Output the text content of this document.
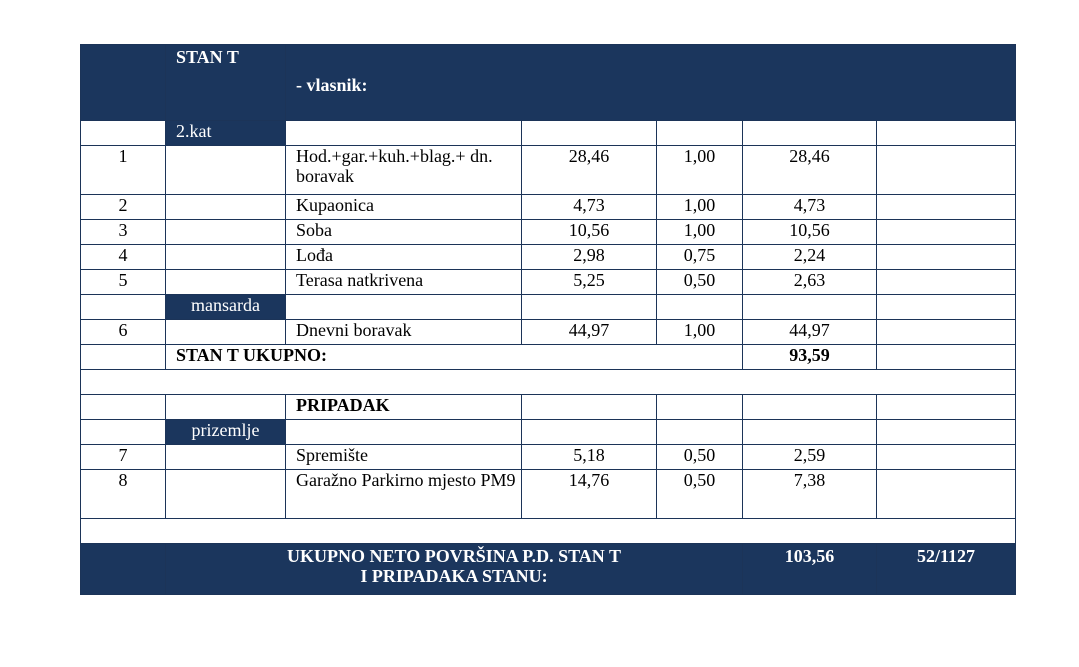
	STAN T	- vlasnik:				
	2.kat					
1		Hod.+gar.+kuh.+blag.+ dn. boravak	28,46	1,00	28,46	
2		Kupaonica	4,73	1,00	4,73	
3		Soba	10,56	1,00	10,56	
4		Lođa	2,98	0,75	2,24	
5		Terasa natkrivena	5,25	0,50	2,63	
	mansarda					
6		Dnevni boravak	44,97	1,00	44,97	
	STAN T UKUPNO:				93,59	

		PRIPADAK				
	prizemlje					
7		Spremište	5,18	0,50	2,59	
8		Garažno Parkirno mjesto PM9	14,76	0,50	7,38	

	UKUPNO NETO POVRŠINA P.D. STAN T
I PRIPADAKA STANU:				103,56	52/1127
